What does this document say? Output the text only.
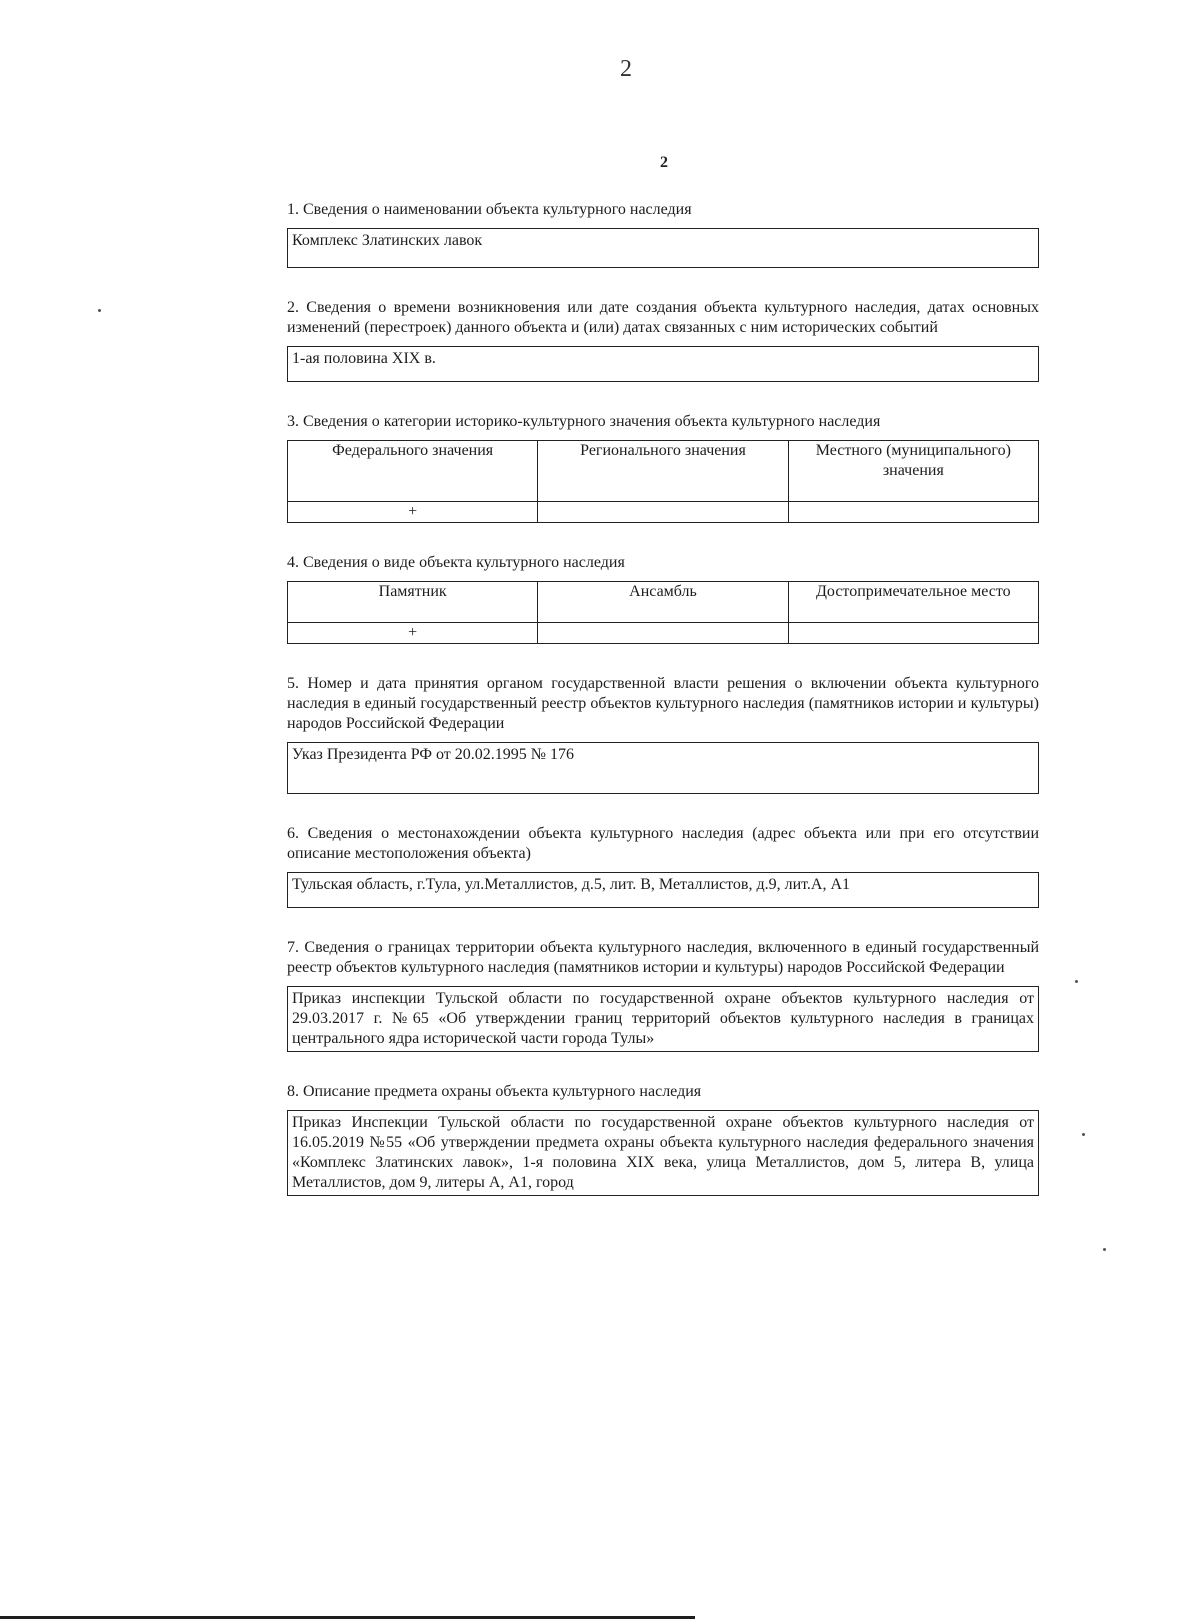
2
2

1. Сведения о наименовании объекта культурного наследия

Комплекс Златинских лавок

2. Сведения о времени возникновения или дате создания объекта культурного наследия, датах основных изменений (перестроек) данного объекта и (или) датах связанных с ним исторических событий

1-ая половина XIX в.

3. Сведения о категории историко-культурного значения объекта культурного наследия

Федерального значения	Регионального значения	Местного (муниципального) значения
+		

4. Сведения о виде объекта культурного наследия

Памятник	Ансамбль	Достопримечательное место
+		

5. Номер и дата принятия органом государственной власти решения о включении объекта культурного наследия в единый государственный реестр объектов культурного наследия (памятников истории и культуры) народов Российской Федерации

Указ Президента РФ от 20.02.1995 № 176

6. Сведения о местонахождении объекта культурного наследия (адрес объекта или при его отсутствии описание местоположения объекта)

Тульская область, г.Тула, ул.Металлистов, д.5, лит. В, Металлистов, д.9, лит.А, А1

7. Сведения о границах территории объекта культурного наследия, включенного в единый государственный реестр объектов культурного наследия (памятников истории и культуры) народов Российской Федерации

Приказ инспекции Тульской области по государственной охране объектов культурного наследия от 29.03.2017 г. №65 «Об утверждении границ территорий объектов культурного наследия в границах центрального ядра исторической части города Тулы»

8. Описание предмета охраны объекта культурного наследия

Приказ Инспекции Тульской области по государственной охране объектов культурного наследия от 16.05.2019 №55 «Об утверждении предмета охраны объекта культурного наследия федерального значения «Комплекс Златинских лавок», 1-я половина XIX века, улица Металлистов, дом 5, литера В, улица Металлистов, дом 9, литеры А, А1, город
